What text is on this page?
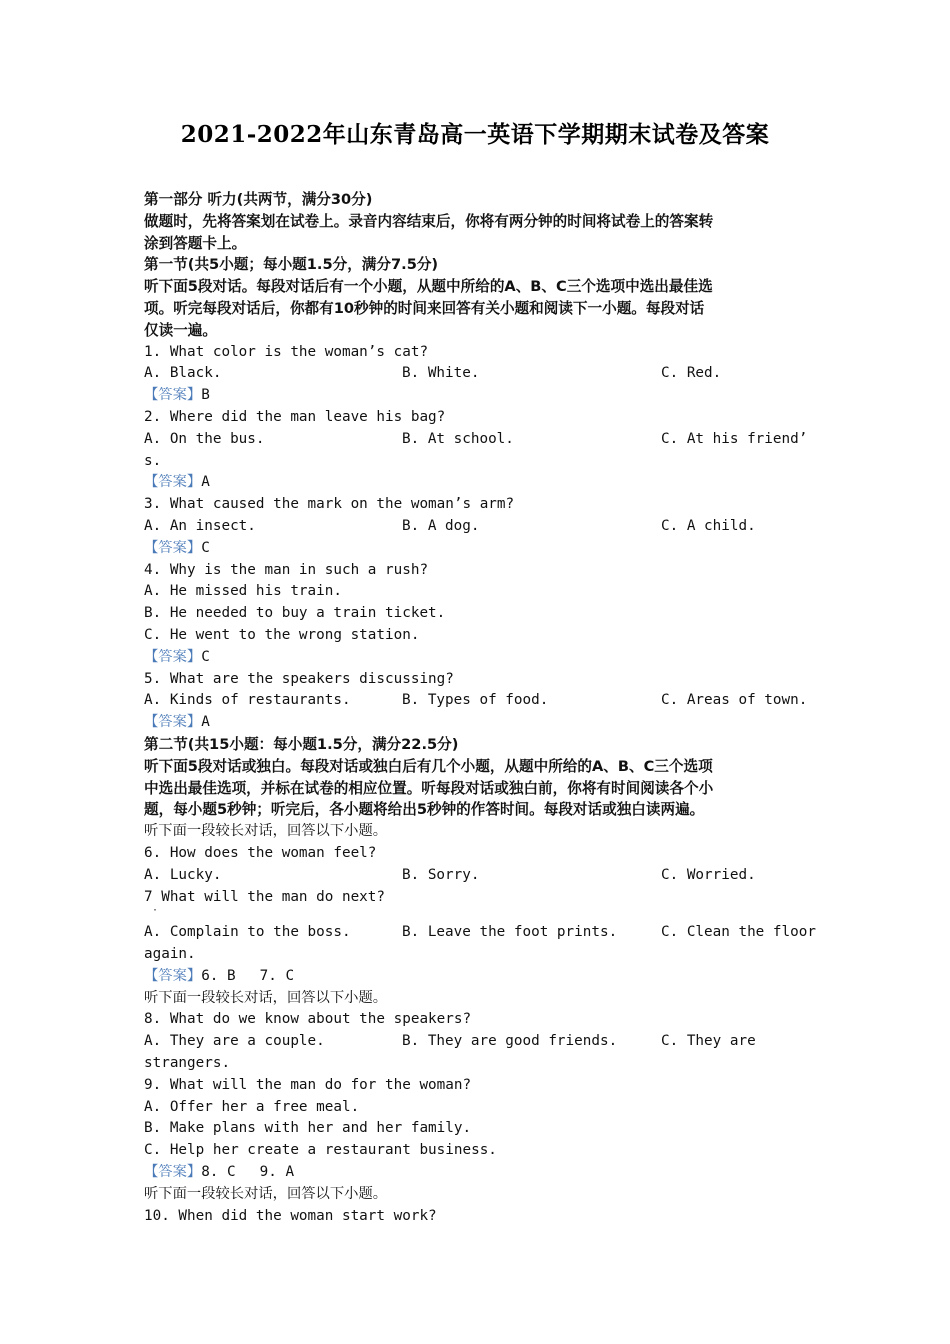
2021-2022年山东青岛高一英语下学期期末试卷及答案
第一部分 听力(共两节，满分30分)
做题时，先将答案划在试卷上。录音内容结束后，你将有两分钟的时间将试卷上的答案转
涂到答题卡上。
第一节(共5小题；每小题1.5分，满分7.5分)
听下面5段对话。每段对话后有一个小题，从题中所给的A、B、C三个选项中选出最佳选
项。听完每段对话后，你都有10秒钟的时间来回答有关小题和阅读下一小题。每段对话
仅读一遍。
1. What color is the woman’s cat?
A. Black.	B. White.	C. Red.
【答案】B
2. Where did the man leave his bag?
A. On the bus.	B. At school.	C. At his friend’
s.
【答案】A
3. What caused the mark on the woman’s arm?
A. An insect.	B. A dog.	C. A child.
【答案】C
4. Why is the man in such a rush?
A. He missed his train.
B. He needed to buy a train ticket.
C. He went to the wrong station.
【答案】C
5. What are the speakers discussing?
A. Kinds of restaurants.	B. Types of food.	C. Areas of town.
【答案】A
第二节(共15小题：每小题1.5分，满分22.5分)
听下面5段对话或独白。每段对话或独白后有几个小题，从题中所给的A、B、C三个选项
中选出最佳选项，并标在试卷的相应位置。听每段对话或独白前，你将有时间阅读各个小
题，每小题5秒钟；听完后，各小题将给出5秒钟的作答时间。每段对话或独白读两遍。
听下面一段较长对话，回答以下小题。
6. How does the woman feel?
A. Lucky.	B. Sorry.	C. Worried.
7 What will the man do next?
·
A. Complain to the boss.	B. Leave the foot prints.	C. Clean the floor
again.
【答案】6. B 7. C
听下面一段较长对话，回答以下小题。
8. What do we know about the speakers?
A. They are a couple.	B. They are good friends.	C. They are
strangers.
9. What will the man do for the woman?
A. Offer her a free meal.
B. Make plans with her and her family.
C. Help her create a restaurant business.
【答案】8. C 9. A
听下面一段较长对话，回答以下小题。
10. When did the woman start work?
